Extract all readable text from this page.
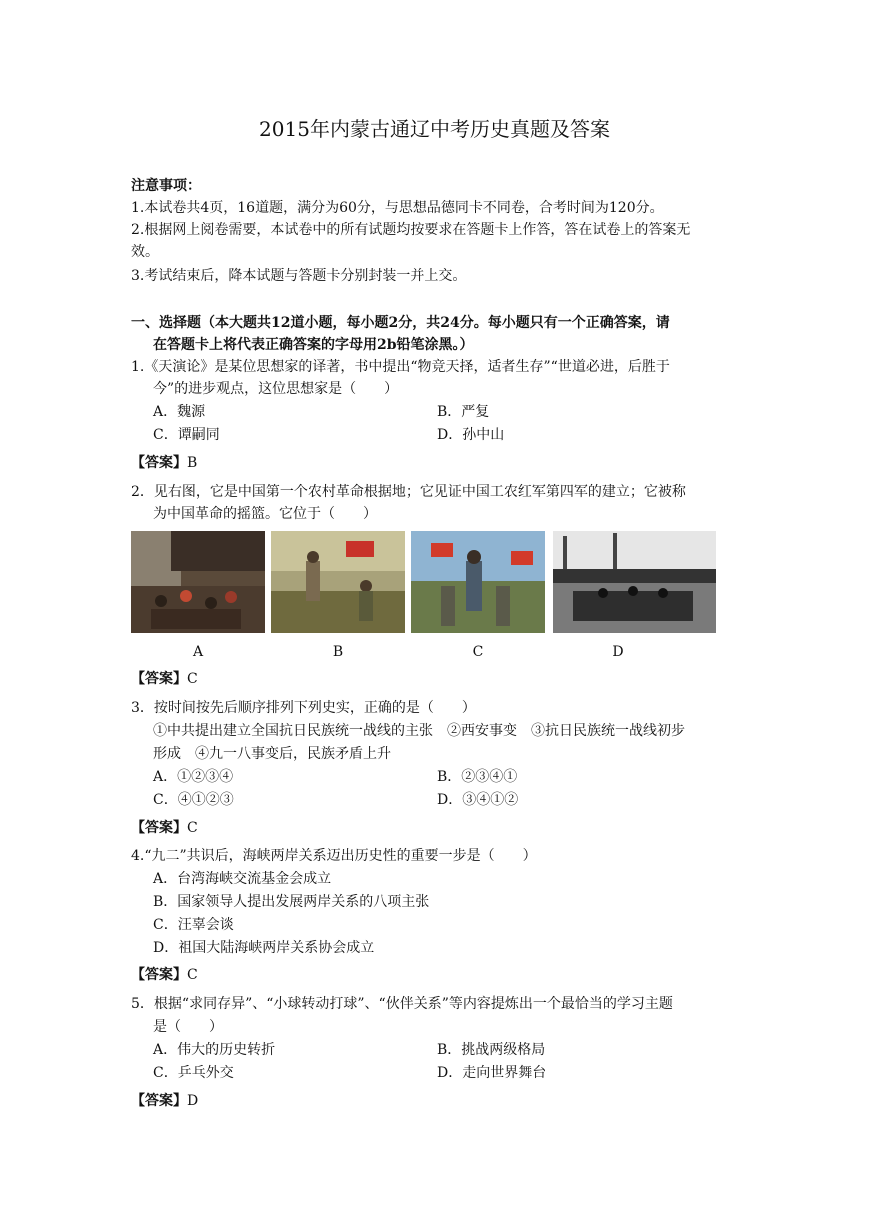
2015年内蒙古通辽中考历史真题及答案
注意事项：
1.本试卷共4页，16道题，满分为60分，与思想品德同卡不同卷，合考时间为120分。
2.根据网上阅卷需要，本试卷中的所有试题均按要求在答题卡上作答，答在试卷上的答案无
效。
3.考试结束后，降本试题与答题卡分别封装一并上交。
一、选择题（本大题共12道小题，每小题2分，共24分。每小题只有一个正确答案，请
在答题卡上将代表正确答案的字母用2b铅笔涂黑。）
1.《天演论》是某位思想家的译著，书中提出“物竞天择，适者生存”“世道必进，后胜于
今”的进步观点，这位思想家是（　　）
A．魏源	B．严复
C．谭嗣同	D．孙中山
【答案】B
2．见右图，它是中国第一个农村革命根据地；它见证中国工农红军第四军的建立；它被称
为中国革命的摇篮。它位于（　　）
A	B	C	D
【答案】C
3．按时间按先后顺序排列下列史实，正确的是（　　）
①中共提出建立全国抗日民族统一战线的主张　②西安事变　③抗日民族统一战线初步
形成　④九一八事变后，民族矛盾上升
A．①②③④	B．②③④①
C．④①②③	D．③④①②
【答案】C
4.“九二”共识后，海峡两岸关系迈出历史性的重要一步是（　　）
A．台湾海峡交流基金会成立
B．国家领导人提出发展两岸关系的八项主张
C．汪辜会谈
D．祖国大陆海峡两岸关系协会成立
【答案】C
5．根据“求同存异”、“小球转动打球”、“伙伴关系”等内容提炼出一个最恰当的学习主题
是（　　）
A．伟大的历史转折	B．挑战两级格局
C．乒乓外交	D．走向世界舞台
【答案】D
